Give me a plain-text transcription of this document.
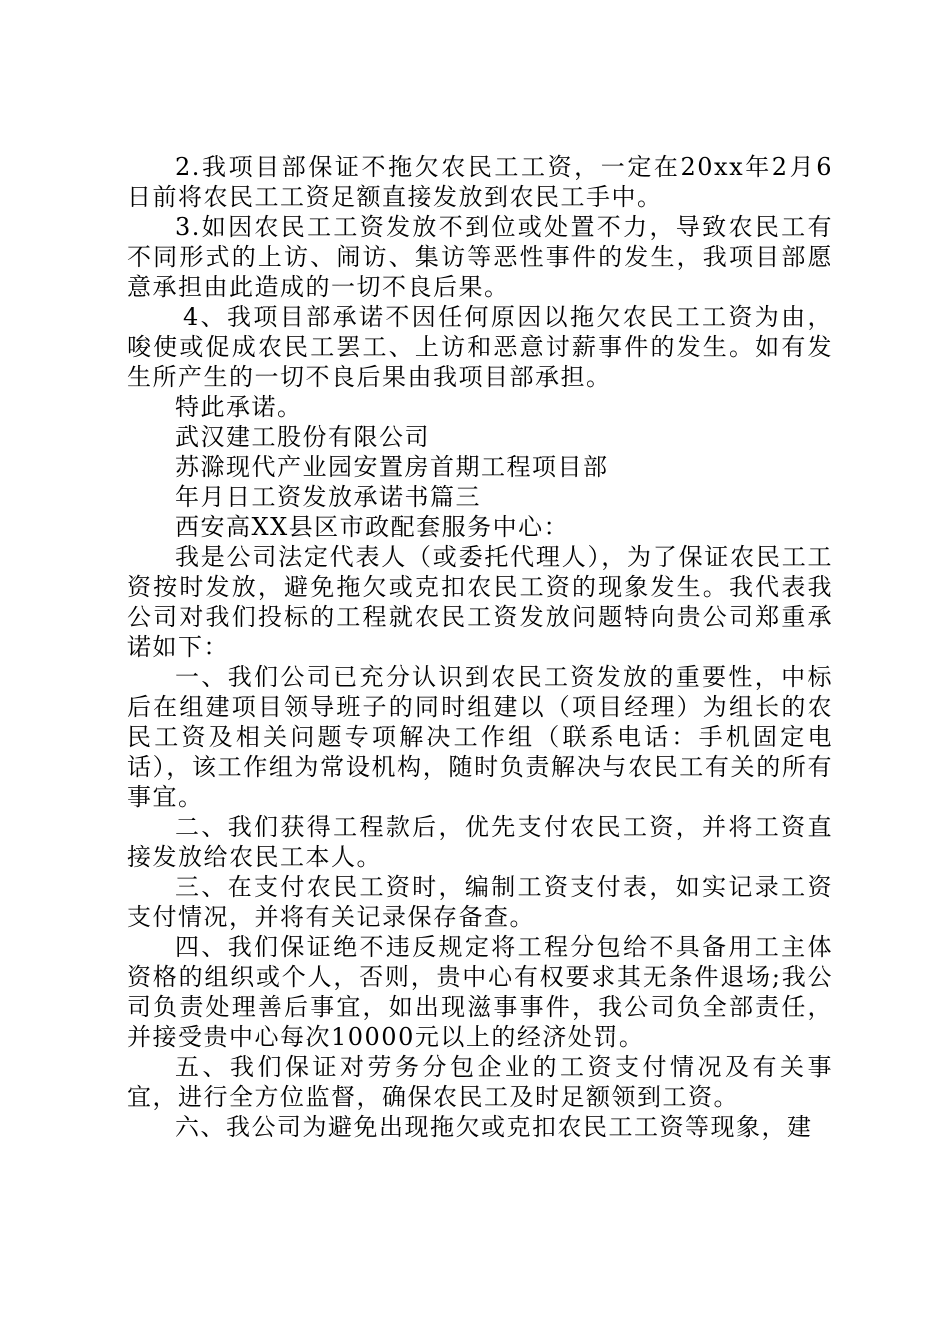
2.我项目部保证不拖欠农民工工资，一定在20xx年2月6日前将农民工工资足额直接发放到农民工手中。

3.如因农民工工资发放不到位或处置不力，导致农民工有不同形式的上访、闹访、集访等恶性事件的发生，我项目部愿意承担由此造成的一切不良后果。

4、我项目部承诺不因任何原因以拖欠农民工工资为由，唆使或促成农民工罢工、上访和恶意讨薪事件的发生。如有发生所产生的一切不良后果由我项目部承担。

特此承诺。

武汉建工股份有限公司

苏滁现代产业园安置房首期工程项目部

年月日工资发放承诺书篇三

西安高XX县区市政配套服务中心：

我是公司法定代表人（或委托代理人），为了保证农民工工资按时发放，避免拖欠或克扣农民工资的现象发生。我代表我公司对我们投标的工程就农民工资发放问题特向贵公司郑重承诺如下：

一、我们公司已充分认识到农民工资发放的重要性，中标后在组建项目领导班子的同时组建以（项目经理）为组长的农民工资及相关问题专项解决工作组（联系电话：手机固定电话），该工作组为常设机构，随时负责解决与农民工有关的所有事宜。

二、我们获得工程款后，优先支付农民工资，并将工资直接发放给农民工本人。

三、在支付农民工资时，编制工资支付表，如实记录工资支付情况，并将有关记录保存备查。

四、我们保证绝不违反规定将工程分包给不具备用工主体资格的组织或个人，否则，贵中心有权要求其无条件退场;我公司负责处理善后事宜，如出现滋事事件，我公司负全部责任，并接受贵中心每次10000元以上的经济处罚。

五、我们保证对劳务分包企业的工资支付情况及有关事宜，进行全方位监督，确保农民工及时足额领到工资。

六、我公司为避免出现拖欠或克扣农民工工资等现象，建
